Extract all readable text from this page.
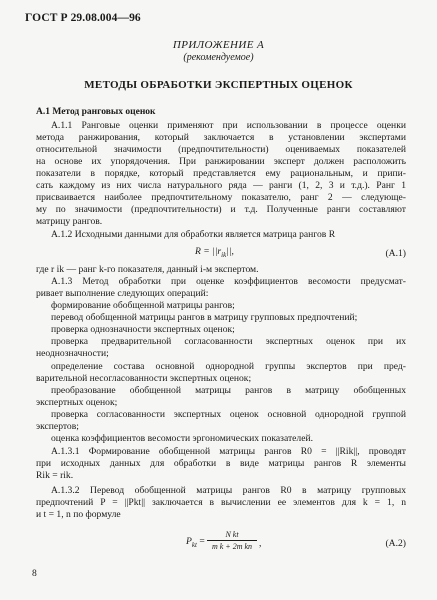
ГОСТ Р 29.08.004—96
ПРИЛОЖЕНИЕ А
(рекомендуемое)
МЕТОДЫ ОБРАБОТКИ ЭКСПЕРТНЫХ ОЦЕНОК
А.1 Метод ранговых оценок
А.1.1 Ранговые оценки применяют при использовании в процессе оценки
метода ранжирования, который заключается в установлении экспертами
относительной значимости (предпочтительности) оцениваемых показателей
на основе их упорядочения. При ранжировании эксперт должен расположить
показатели в порядке, который представляется ему рациональным, и припи-
сать каждому из них числа натурального ряда — ранги (1, 2, 3 и т.д.). Ранг 1
присваивается наиболее предпочтительному показателю, ранг 2 — следующе-
му по значимости (предпочтительности) и т.д. Полученные ранги составляют
матрицу рангов.
А.1.2 Исходными данными для обработки является матрица рангов R
$R = ||r_{ik}||$,	(А.1)
где r ik — ранг k-го показателя, данный i-м экспертом.
А.1.3 Метод обработки при оценке коэффициентов весомости предусмат-
ривает выполнение следующих операций:
формирование обобщенной матрицы рангов;
перевод обобщенной матрицы рангов в матрицу групповых предпочтений;
проверка однозначности экспертных оценок;
проверка предварительной согласованности экспертных оценок при их
неоднозначности;
определение состава основной однородной группы экспертов при пред-
варительной несогласованности экспертных оценок;
преобразование обобщенной матрицы рангов в матрицу обобщенных
экспертных оценок;
проверка согласованности экспертных оценок основной однородной группой
экспертов;
оценка коэффициентов весомости эргономических показателей.
А.1.3.1 Формирование обобщенной матрицы рангов R0 = ||Rik||, проводят
при исходных данных для обработки в виде матрицы рангов R элементы
Rik = rik.
А.1.3.2 Перевод обобщенной матрицы рангов R0 в матрицу групповых
предпочтений P = ||Pkt|| заключается в вычислении ее элементов для k = 1, n
и t = 1, n по формуле
$P_{kt} = \frac{\text{N kt}}{\text{m k + 2m kn}}$ ,	(А.2)
8
